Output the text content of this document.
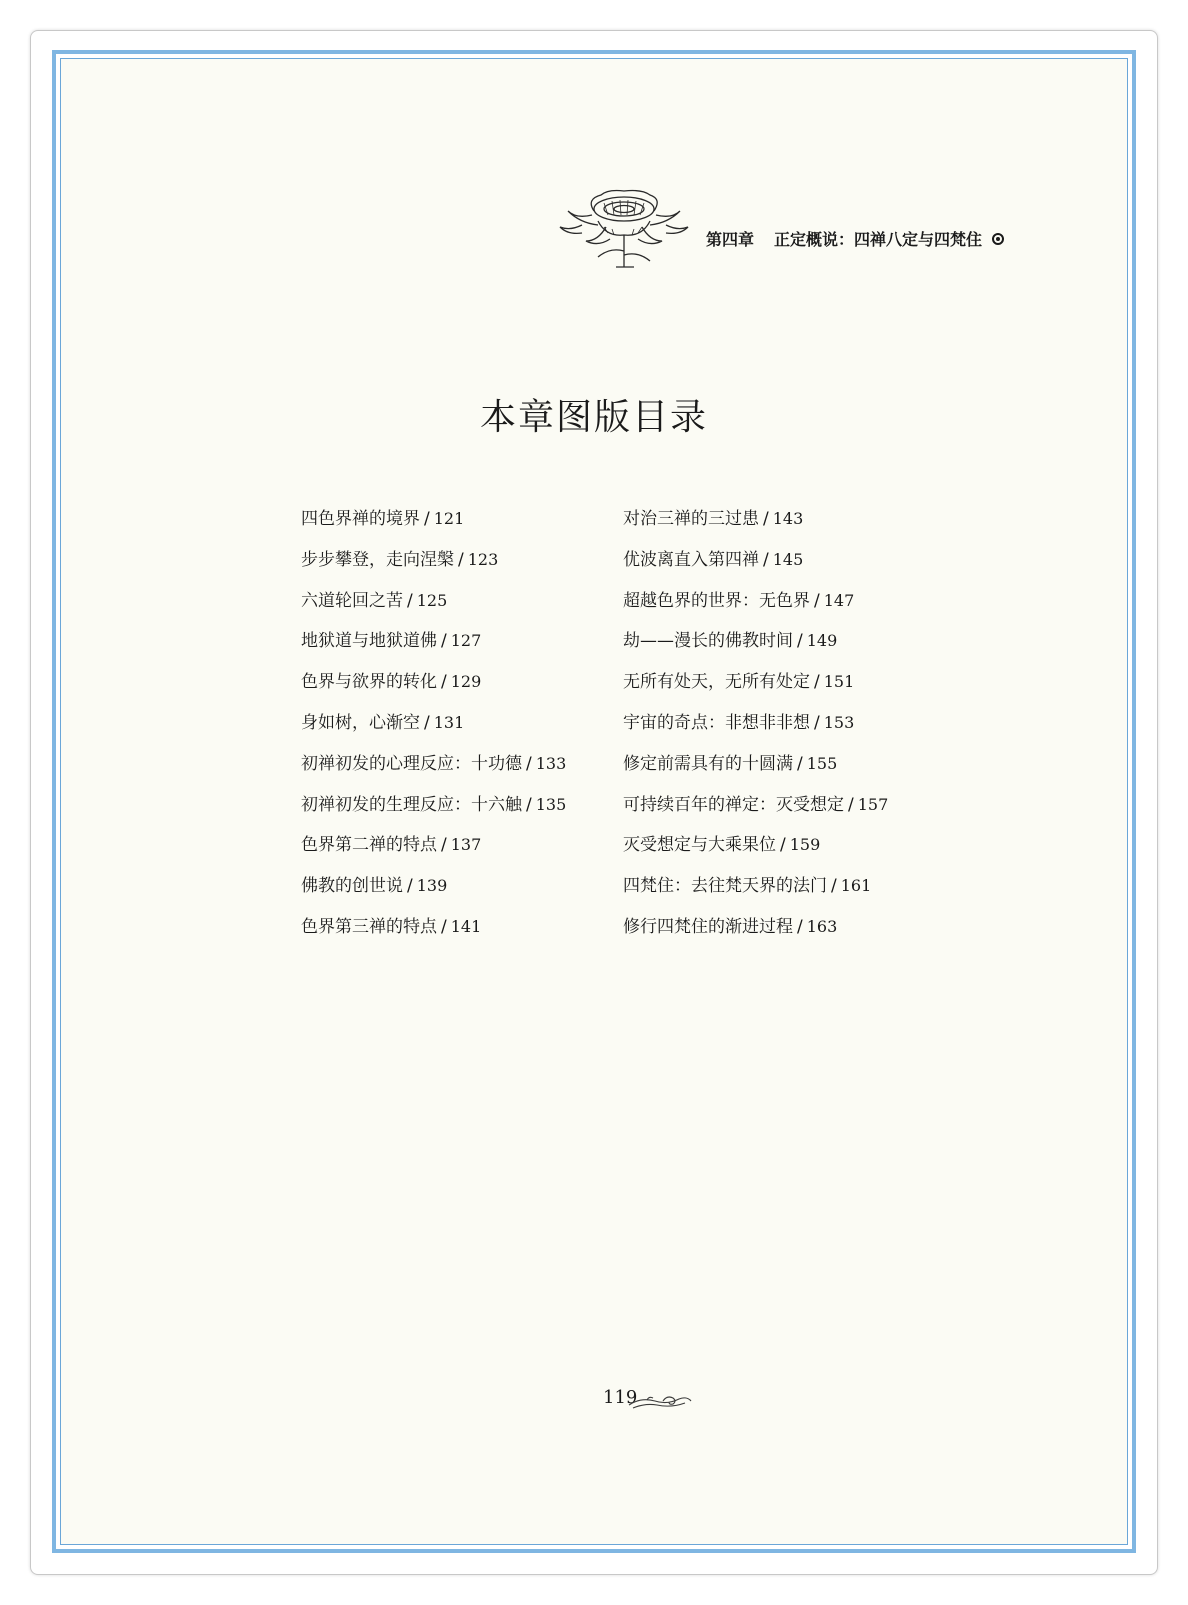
第四章 正定概说：四禅八定与四梵住
本章图版目录
四色界禅的境界 / 121
步步攀登，走向涅槃 / 123
六道轮回之苦 / 125
地狱道与地狱道佛 / 127
色界与欲界的转化 / 129
身如树，心渐空 / 131
初禅初发的心理反应：十功德 / 133
初禅初发的生理反应：十六触 / 135
色界第二禅的特点 / 137
佛教的创世说 / 139
色界第三禅的特点 / 141
对治三禅的三过患 / 143
优波离直入第四禅 / 145
超越色界的世界：无色界 / 147
劫——漫长的佛教时间 / 149
无所有处天，无所有处定 / 151
宇宙的奇点：非想非非想 / 153
修定前需具有的十圆满 / 155
可持续百年的禅定：灭受想定 / 157
灭受想定与大乘果位 / 159
四梵住：去往梵天界的法门 / 161
修行四梵住的渐进过程 / 163
119
